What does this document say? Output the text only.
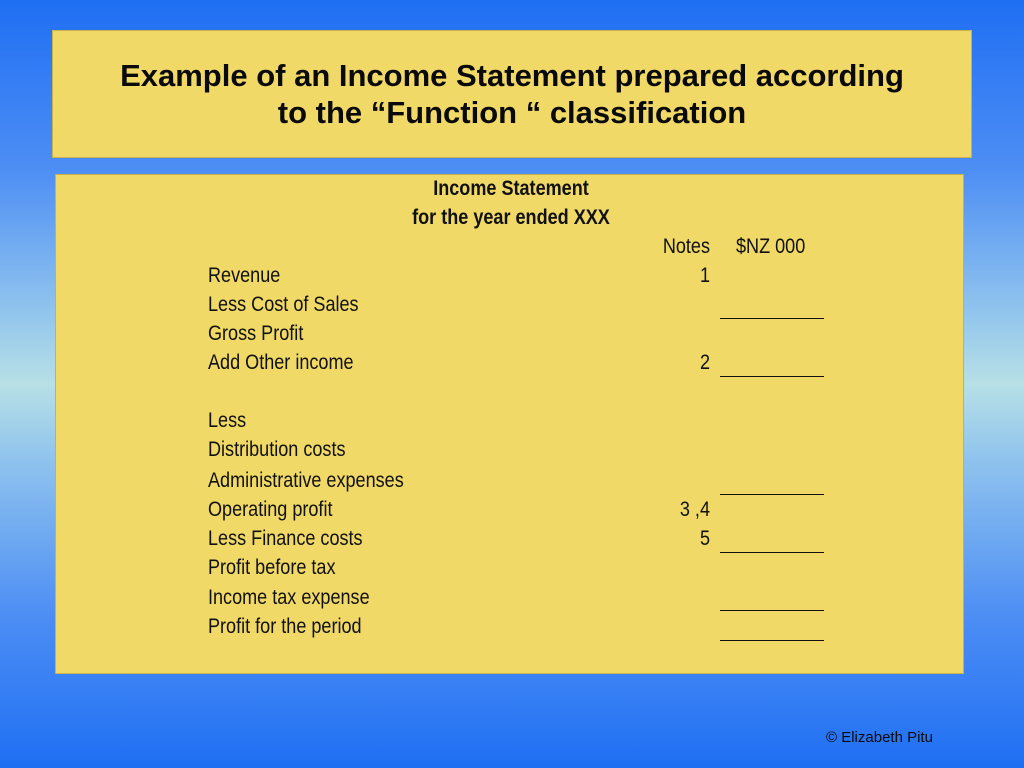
Example of an Income Statement prepared according
to the “Function “ classification
Income Statement
for the year ended XXX
Notes $NZ 000
Revenue	1
Less Cost of Sales
Gross Profit
Add Other income	2
Less
Distribution costs
Administrative expenses
Operating profit	3 ,4
Less Finance costs	5
Profit before tax
Income tax expense
Profit for the period
© Elizabeth Pitu
